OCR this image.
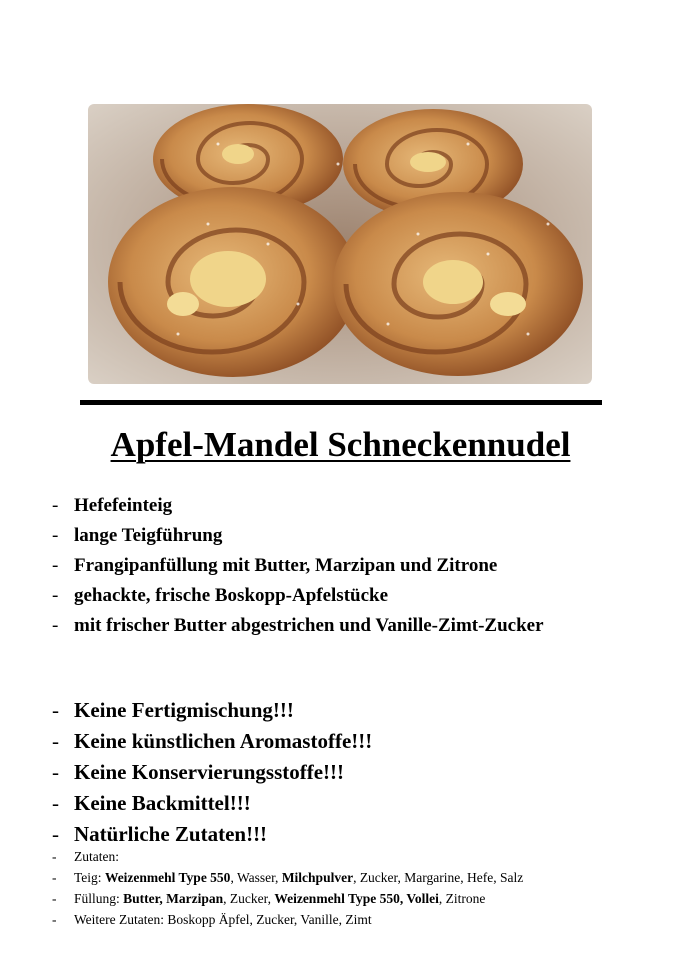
Apfel-Mandel Schneckennudel
- Hefefeinteig
- lange Teigführung
- Frangipanfüllung mit Butter, Marzipan und Zitrone
- gehackte, frische Boskopp-Apfelstücke
- mit frischer Butter abgestrichen und Vanille-Zimt-Zucker
- Keine Fertigmischung!!!
- Keine künstlichen Aromastoffe!!!
- Keine Konservierungsstoffe!!!
- Keine Backmittel!!!
- Natürliche Zutaten!!!
- Zutaten:
- Teig: Weizenmehl Type 550, Wasser, Milchpulver, Zucker, Margarine, Hefe, Salz
- Füllung: Butter, Marzipan, Zucker, Weizenmehl Type 550, Vollei, Zitrone
- Weitere Zutaten: Boskopp Äpfel, Zucker, Vanille, Zimt
